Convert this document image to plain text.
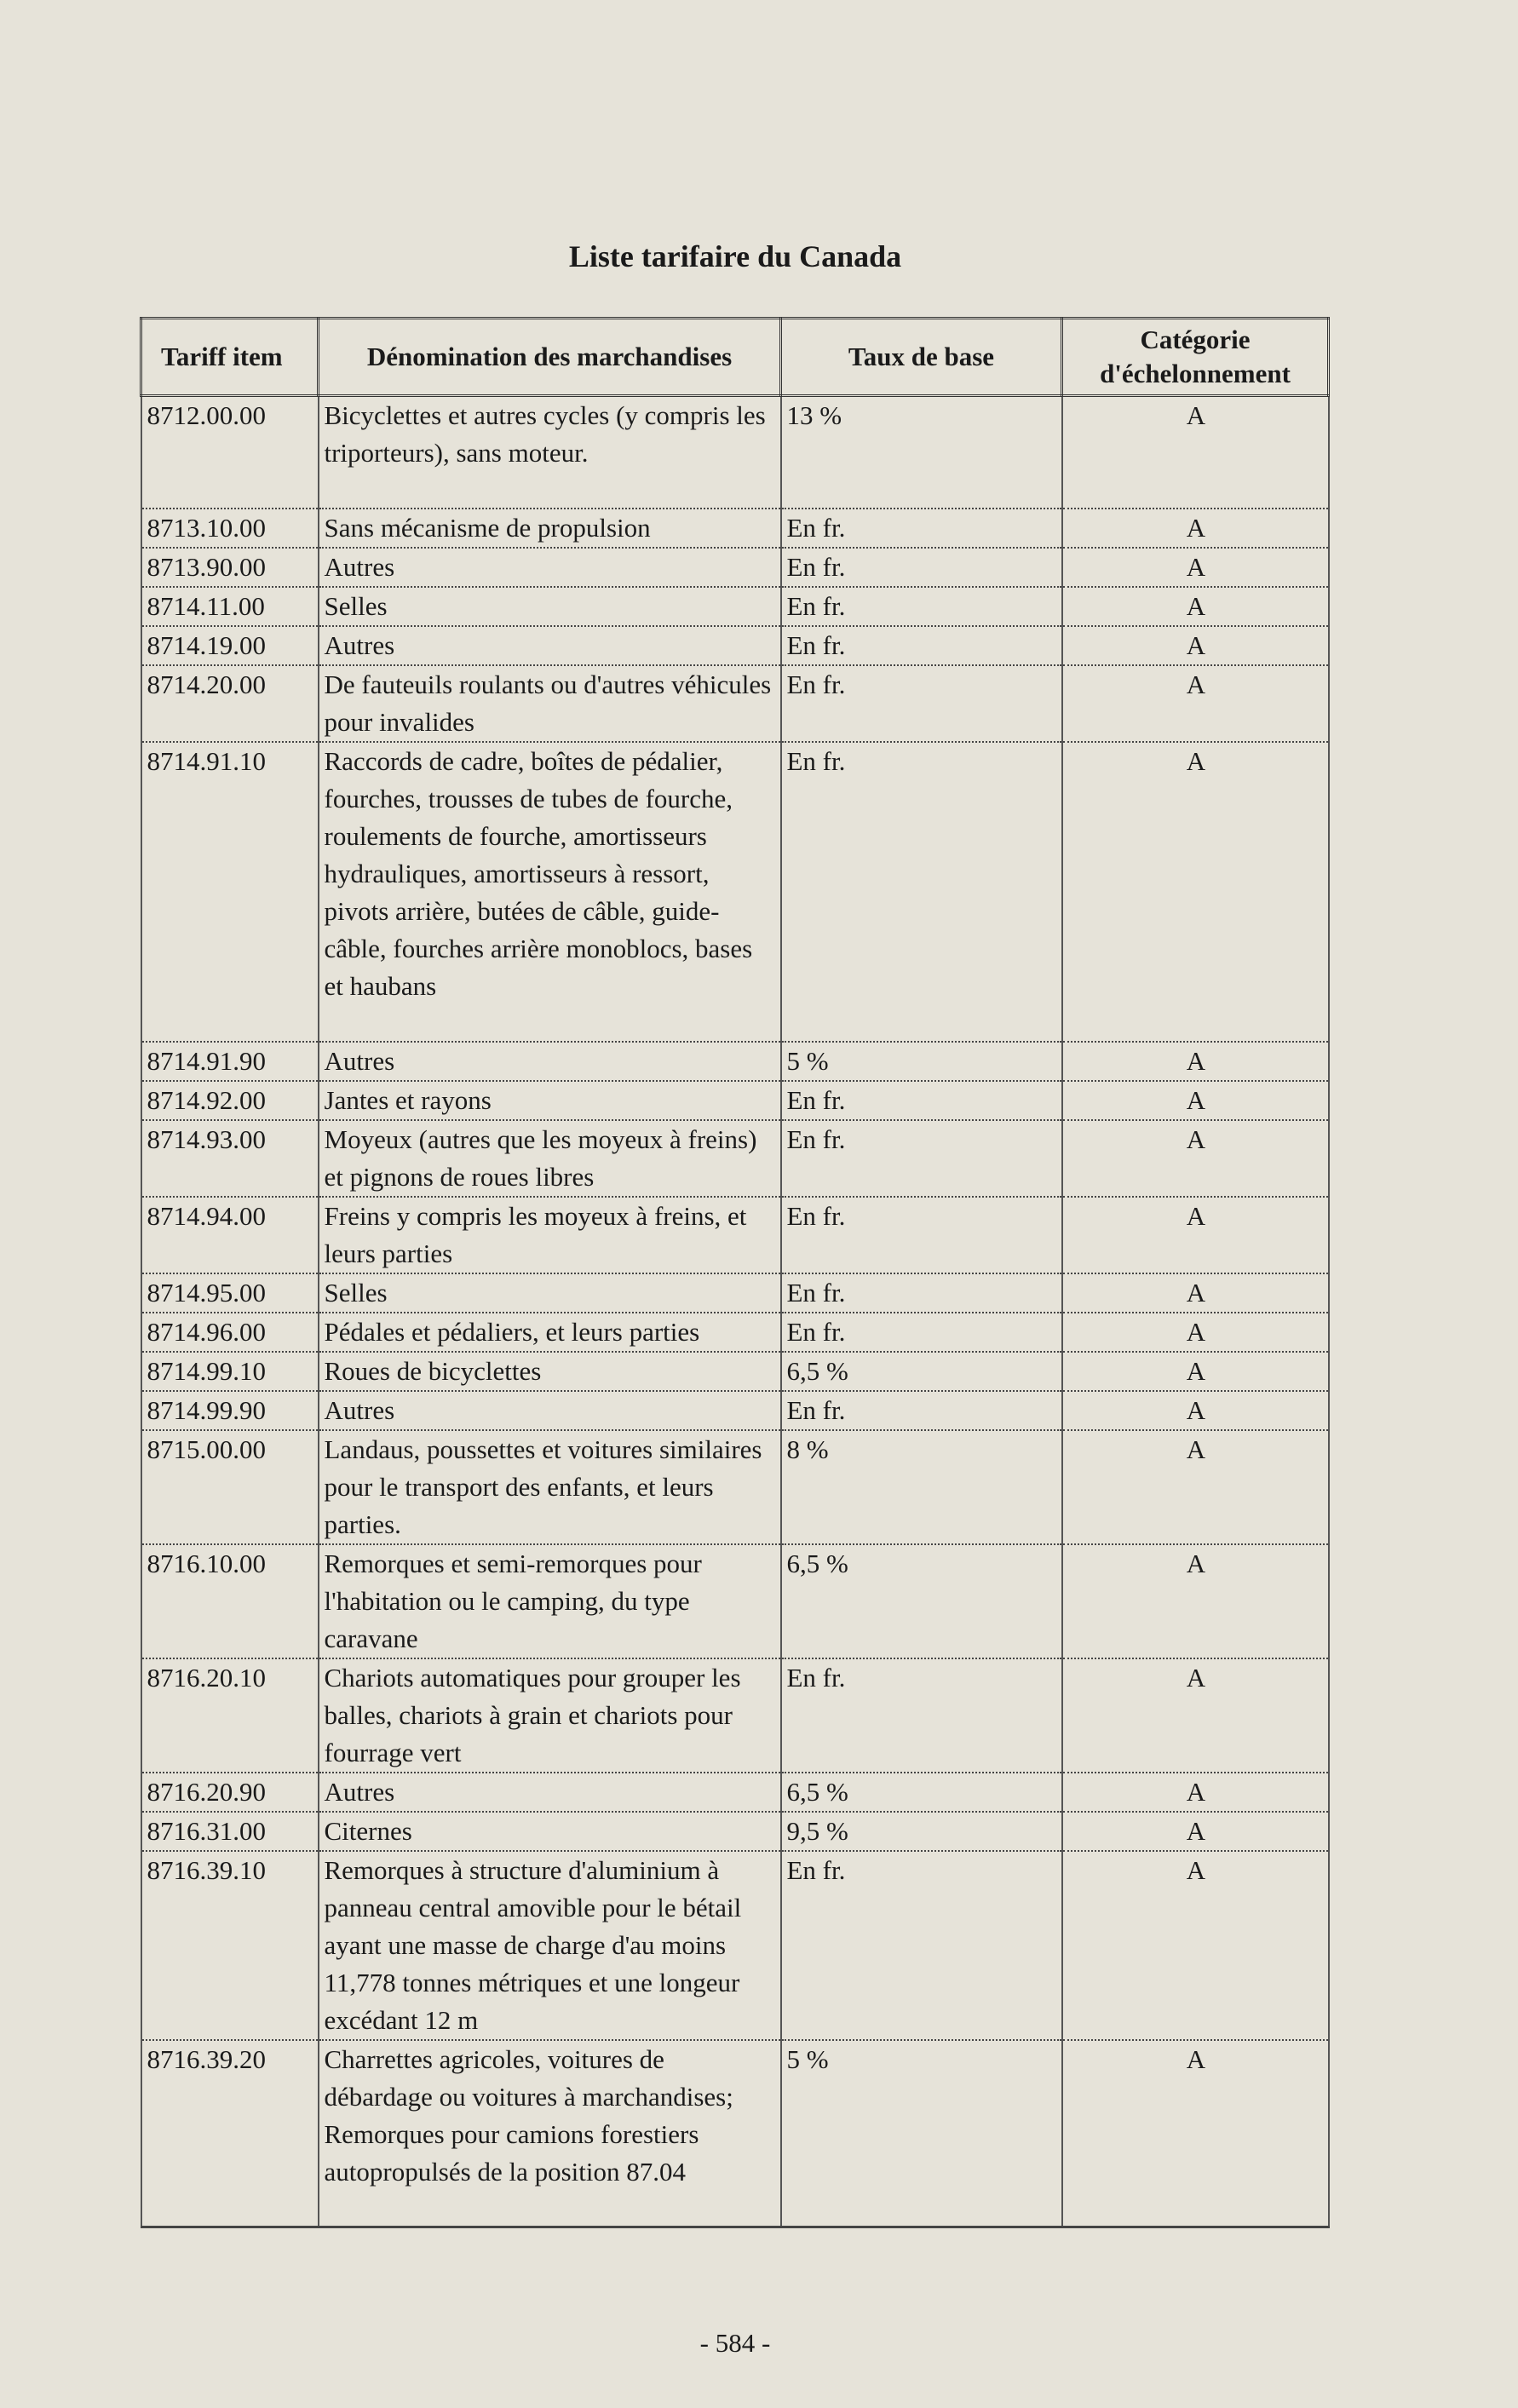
Liste tarifaire du Canada
Tariff item	Dénomination des marchandises	Taux de base	Catégorie d'échelonnement
8712.00.00	Bicyclettes et autres cycles (y compris les triporteurs), sans moteur.	13 %	A
8713.10.00	Sans mécanisme de propulsion	En fr.	A
8713.90.00	Autres	En fr.	A
8714.11.00	Selles	En fr.	A
8714.19.00	Autres	En fr.	A
8714.20.00	De fauteuils roulants ou d'autres véhicules pour invalides	En fr.	A
8714.91.10	Raccords de cadre, boîtes de pédalier, fourches, trousses de tubes de fourche, roulements de fourche, amortisseurs hydrauliques, amortisseurs à ressort, pivots arrière, butées de câble, guide-câble, fourches arrière monoblocs, bases et haubans	En fr.	A
8714.91.90	Autres	5 %	A
8714.92.00	Jantes et rayons	En fr.	A
8714.93.00	Moyeux (autres que les moyeux à freins) et pignons de roues libres	En fr.	A
8714.94.00	Freins y compris les moyeux à freins, et leurs parties	En fr.	A
8714.95.00	Selles	En fr.	A
8714.96.00	Pédales et pédaliers, et leurs parties	En fr.	A
8714.99.10	Roues de bicyclettes	6,5 %	A
8714.99.90	Autres	En fr.	A
8715.00.00	Landaus, poussettes et voitures similaires pour le transport des enfants, et leurs parties.	8 %	A
8716.10.00	Remorques et semi-remorques pour l'habitation ou le camping, du type caravane	6,5 %	A
8716.20.10	Chariots automatiques pour grouper les balles, chariots à grain et chariots pour fourrage vert	En fr.	A
8716.20.90	Autres	6,5 %	A
8716.31.00	Citernes	9,5 %	A
8716.39.10	Remorques à structure d'aluminium à panneau central amovible pour le bétail ayant une masse de charge d'au moins 11,778 tonnes métriques et une longeur excédant 12 m	En fr.	A
8716.39.20	Charrettes agricoles, voitures de débardage ou voitures à marchandises; Remorques pour camions forestiers autopropulsés de la position 87.04	5 %	A
- 584 -
